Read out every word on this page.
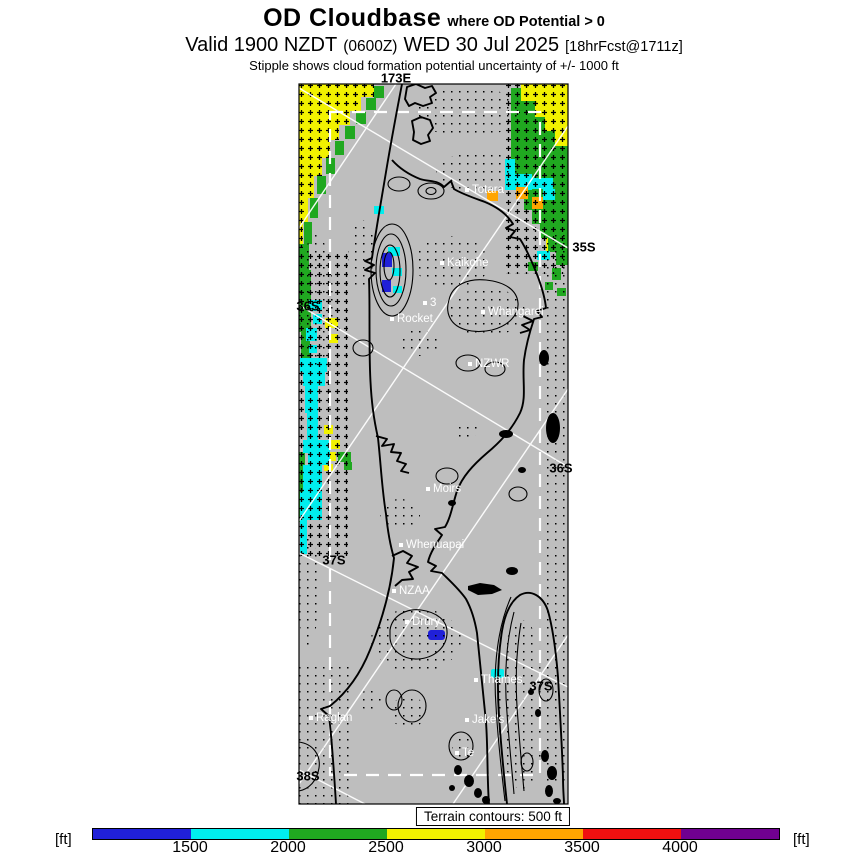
OD Cloudbase where OD Potential > 0
Valid 1900 NZDT (0600Z) WED 30 Jul 2025 [18hrFcst@1711z]
Stipple shows cloud formation potential uncertainty of +/- 1000 ft
173E
35S
36S
36S
37S
37S
38S
Totara
Kaikohe
3
Rocket
Whangarei
NZWR
Moirs
Whenuapai
NZAA
Drury
Thames
Jake's
Te
Raglan
Terrain contours: 500 ft
[ft]	[ft]
1500	2000	2500	3000	3500	4000
